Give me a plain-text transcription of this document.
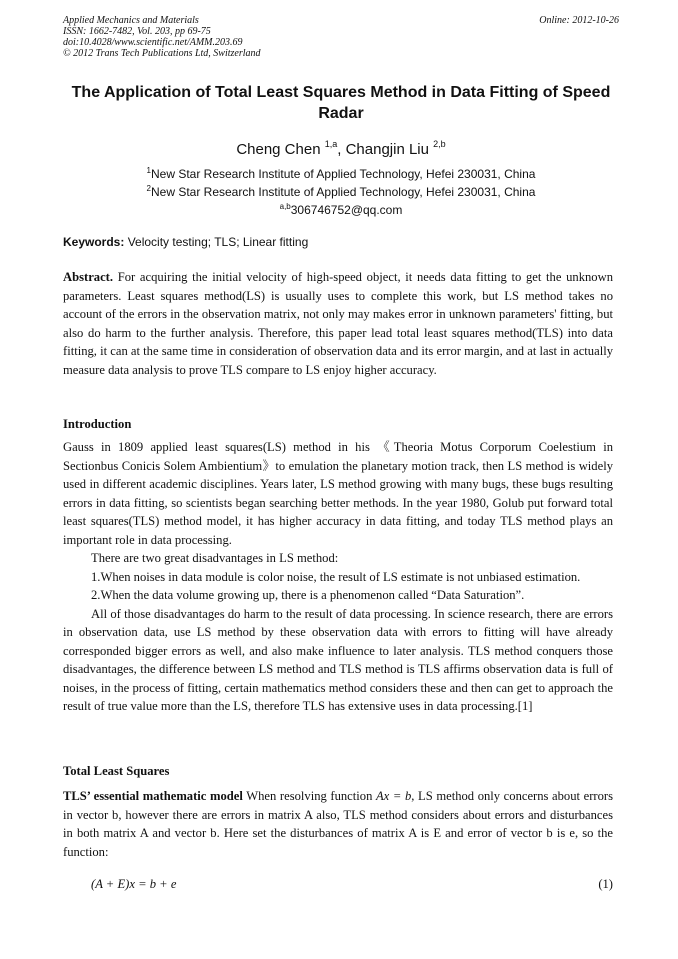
Applied Mechanics and Materials
ISSN: 1662-7482, Vol. 203, pp 69-75
doi:10.4028/www.scientific.net/AMM.203.69
© 2012 Trans Tech Publications Ltd, Switzerland
Online: 2012-10-26
The Application of Total Least Squares Method in Data Fitting of Speed Radar
Cheng Chen $^{1,a}$, Changjin Liu $^{2,b}$
$^1$New Star Research Institute of Applied Technology, Hefei 230031, China
$^2$New Star Research Institute of Applied Technology, Hefei 230031, China
$^{a,b}$306746752@qq.com
Keywords: Velocity testing; TLS; Linear fitting

Abstract. For acquiring the initial velocity of high-speed object, it needs data fitting to get the unknown parameters. Least squares method(LS) is usually uses to complete this work, but LS method takes no account of the errors in the observation matrix, not only may makes error in unknown parameters' fitting, but also do harm to the further analysis. Therefore, this paper lead total least squares method(TLS) into data fitting, it can at the same time in consideration of observation data and its error margin, and at last in actually measure data analysis to prove TLS compare to LS enjoy higher accuracy.

Introduction

Gauss in 1809 applied least squares(LS) method in his 《Theoria Motus Corporum Coelestium in Sectionbus Conicis Solem Ambientium》to emulation the planetary motion track, then LS method is widely used in different academic disciplines. Years later, LS method growing with many bugs, these bugs resulting errors in data fitting, so scientists began searching better methods. In the year 1980, Golub put forward total least squares(TLS) method model, it has higher accuracy in data fitting, and today TLS method plays an important role in data processing.

There are two great disadvantages in LS method:

1.When noises in data module is color noise, the result of LS estimate is not unbiased estimation.

2.When the data volume growing up, there is a phenomenon called “Data Saturation”.

All of those disadvantages do harm to the result of data processing. In science research, there are errors in observation data, use LS method by these observation data with errors to fitting will have already corresponded bigger errors as well, and also make influence to later analysis. TLS method conquers those disadvantages, the difference between LS method and TLS method is TLS affirms observation data is full of noises, in the process of fitting, certain mathematics method considers these and then can get to approach the result of true value more than the LS, therefore TLS has extensive uses in data processing.[1]

Total Least Squares

TLS’ essential mathematic model When resolving function Ax = b, LS method only concerns about errors in vector b, however there are errors in matrix A also, TLS method considers about errors and disturbances in both matrix A and vector b. Here set the disturbances of matrix A is E and error of vector b is e, so the function:

(A + E)x = b + e	(1)
